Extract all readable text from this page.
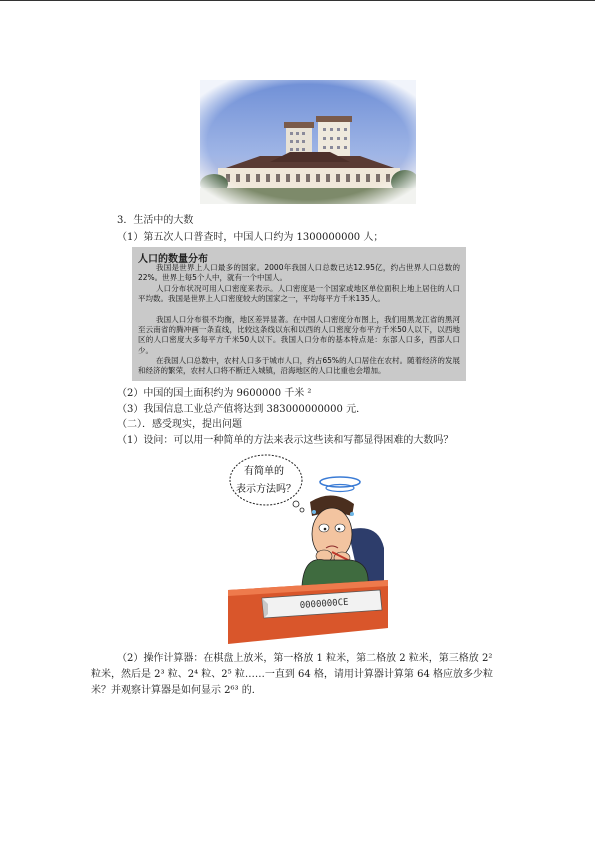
3．生活中的大数
（1）第五次人口普查时，中国人口约为 1300000000 人；
人口的数量分布
我国是世界上人口最多的国家。2000年我国人口总数已达12.95亿，约占世界人口总数的22%。世界上每5个人中，就有一个中国人。
人口分布状况可用人口密度来表示。人口密度是一个国家或地区单位面积上地上居住的人口平均数。我国是世界上人口密度较大的国家之一，平均每平方千米135人。
我国人口分布很不均衡，地区差异显著。在中国人口密度分布图上，我们用黑龙江省的黑河至云南省的腾冲画一条直线，比较这条线以东和以西的人口密度分布平方千米50人以下，以西地区的人口密度大多每平方千米50人以下。我国人口分布的基本特点是：东部人口多，西部人口少。
在我国人口总数中，农村人口多于城市人口，约占65%的人口居住在农村。随着经济的发展和经济的繁荣，农村人口将不断迁入城镇，沿海地区的人口比重也会增加。
（2）中国的国土面积约为 9600000 千米 ²
（3）我国信息工业总产值将达到 383000000000 元．
（二）．感受现实，提出问题
（1）设问：可以用一种简单的方法来表示这些读和写都显得困难的大数吗？
有简单的
表示方法吗？
0000000CE
（2）操作计算器：在棋盘上放米，第一格放 1 粒米，第二格放 2 粒米，第三格放 2²
粒米，然后是 2³ 粒、2⁴ 粒、2⁵ 粒……一直到 64 格，请用计算器计算第 64 格应放多少粒
米？并观察计算器是如何显示 2⁶³ 的．
